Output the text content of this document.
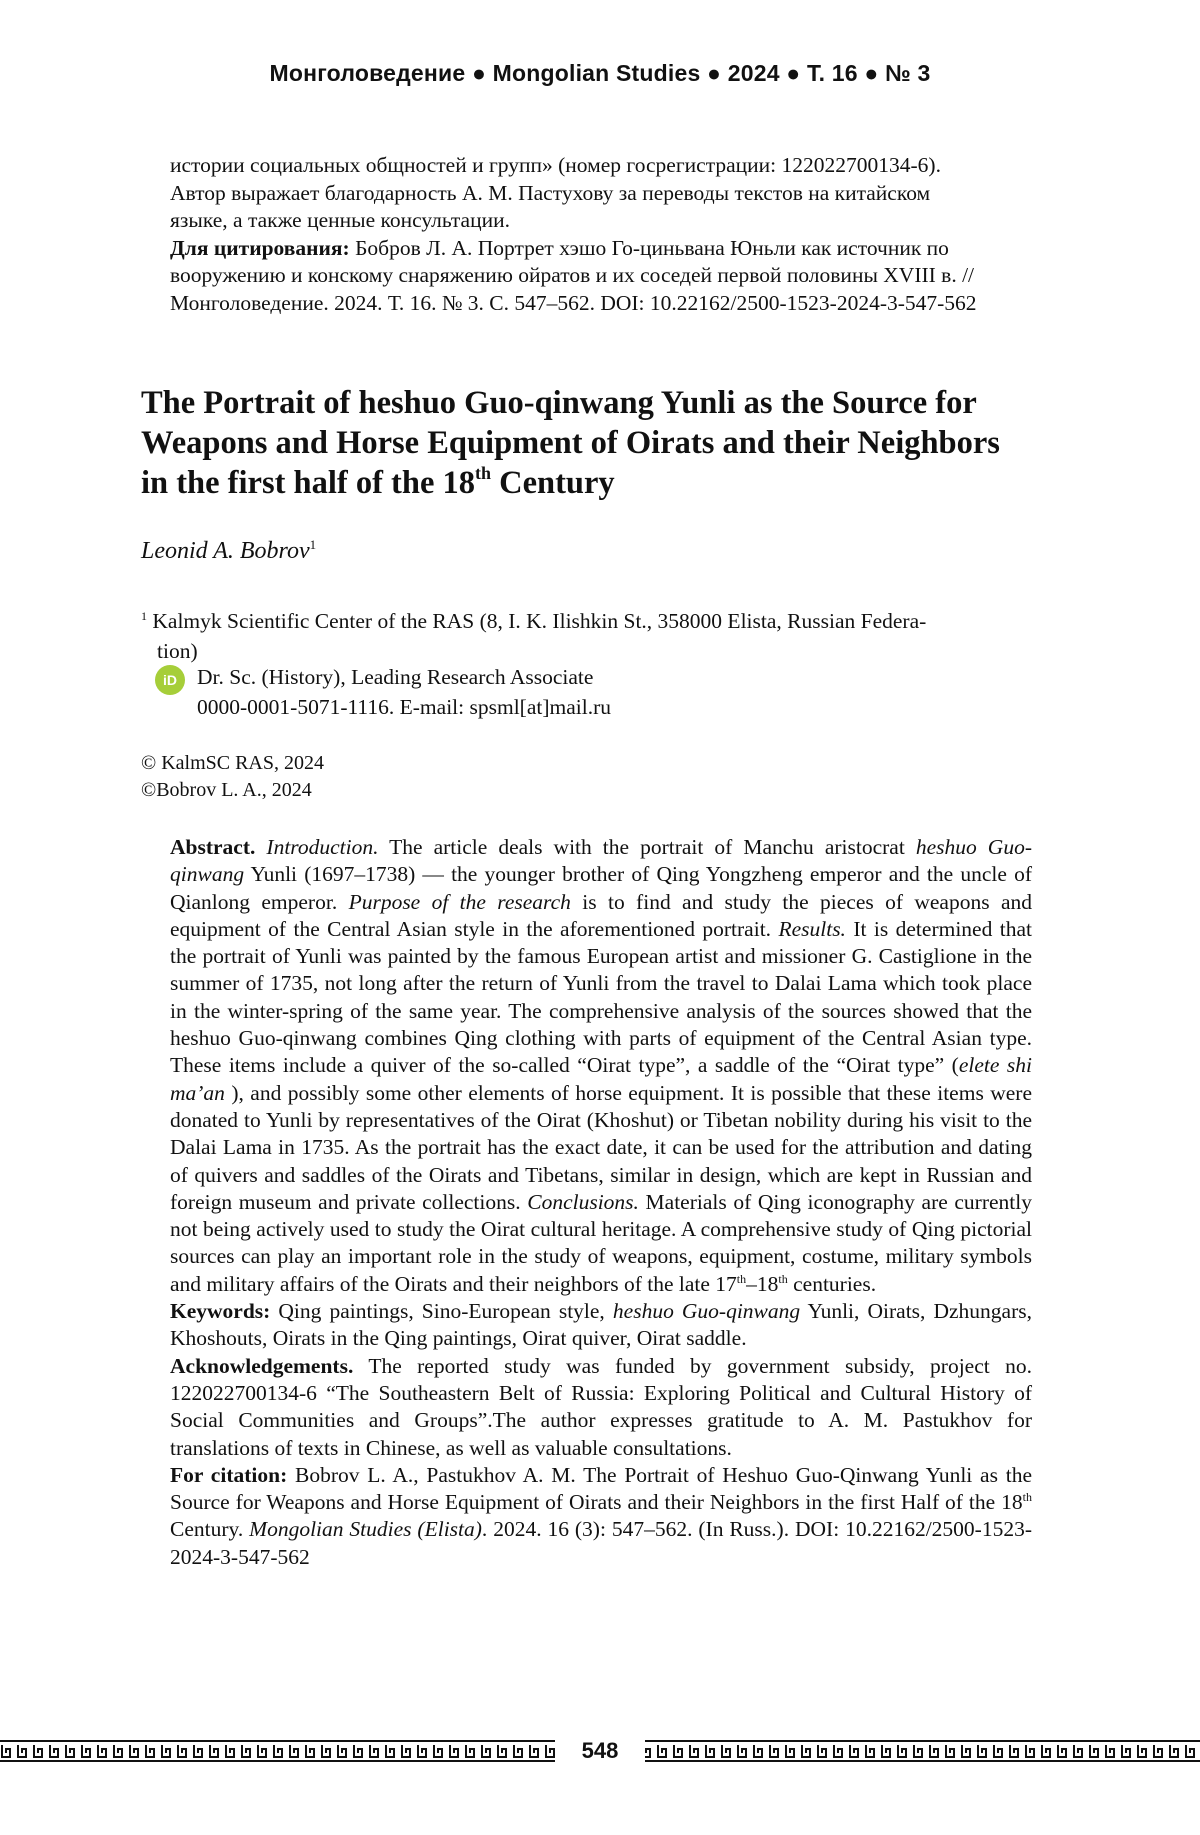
Монголоведение ● Mongolian Studies ● 2024 ● Т. 16 ● № 3

истории социальных общностей и групп» (номер госрегистрации: 122022700134-6).

Автор выражает благодарность А. М. Пастухову за переводы текстов на китайском

языке, а также ценные консультации.

Для цитирования: Бобров Л. А. Портрет хэшо Го-циньвана Юньли как источник по вооружению и конскому снаряжению ойратов и их соседей первой половины XVIII в. // Монголоведение. 2024. Т. 16. № 3. С. 547–562. DOI: 10.22162/2500-1523-2024-3-547-562

The Portrait of heshuo Guo-qinwang Yunli as the Source for
Weapons and Horse Equipment of Oirats and their Neighbors
in the first half of the 18th Century
Leonid A. Bobrov$^1$
$^1$ Kalmyk Scientific Center of the RAS (8, I. K. Ilishkin St., 358000 Elista, Russian Federa-
tion)
iD Dr. Sc. (History), Leading Research Associate
0000-0001-5071-1116. E-mail: spsml[at]mail.ru
© KalmSC RAS, 2024
©Bobrov L. A., 2024

Abstract. Introduction. The article deals with the portrait of Manchu aristocrat heshuo Guo-qinwang Yunli (1697–1738) — the younger brother of Qing Yongzheng emperor and the uncle of Qianlong emperor. Purpose of the research is to find and study the pieces of weapons and equipment of the Central Asian style in the aforementioned portrait. Results. It is determined that the portrait of Yunli was painted by the famous European artist and missioner G. Castiglione in the summer of 1735, not long after the return of Yunli from the travel to Dalai Lama which took place in the winter-spring of the same year. The comprehensive analysis of the sources showed that the heshuo Guo-qinwang combines Qing clothing with parts of equipment of the Central Asian type. These items include a quiver of the so-called “Oirat type”, a saddle of the “Oirat type” (elete shi ma’an ), and possibly some other elements of horse equipment. It is possible that these items were donated to Yunli by representatives of the Oirat (Khoshut) or Tibetan nobility during his visit to the Dalai Lama in 1735. As the portrait has the exact date, it can be used for the attribution and dating of quivers and saddles of the Oirats and Tibetans, similar in design, which are kept in Russian and foreign museum and private collections. Conclusions. Materials of Qing iconography are currently not being actively used to study the Oirat cultural heritage. A comprehensive study of Qing pictorial sources can play an important role in the study of weapons, equipment, costume, military symbols and military affairs of the Oirats and their neighbors of the late 17th–18th centuries.

Keywords: Qing paintings, Sino-European style, heshuo Guo-qinwang Yunli, Oirats, Dzhungars, Khoshouts, Oirats in the Qing paintings, Oirat quiver, Oirat saddle.

Acknowledgements. The reported study was funded by government subsidy, project no. 122022700134-6 “The Southeastern Belt of Russia: Exploring Political and Cultural History of Social Communities and Groups”.The author expresses gratitude to A. M. Pastukhov for translations of texts in Chinese, as well as valuable consultations.

For citation: Bobrov L. A., Pastukhov A. M. The Portrait of Heshuo Guo-Qinwang Yunli as the Source for Weapons and Horse Equipment of Oirats and their Neighbors in the first Half of the 18th Century. Mongolian Studies (Elista). 2024. 16 (3): 547–562. (In Russ.). DOI: 10.22162/2500-1523-2024-3-547-562

548
